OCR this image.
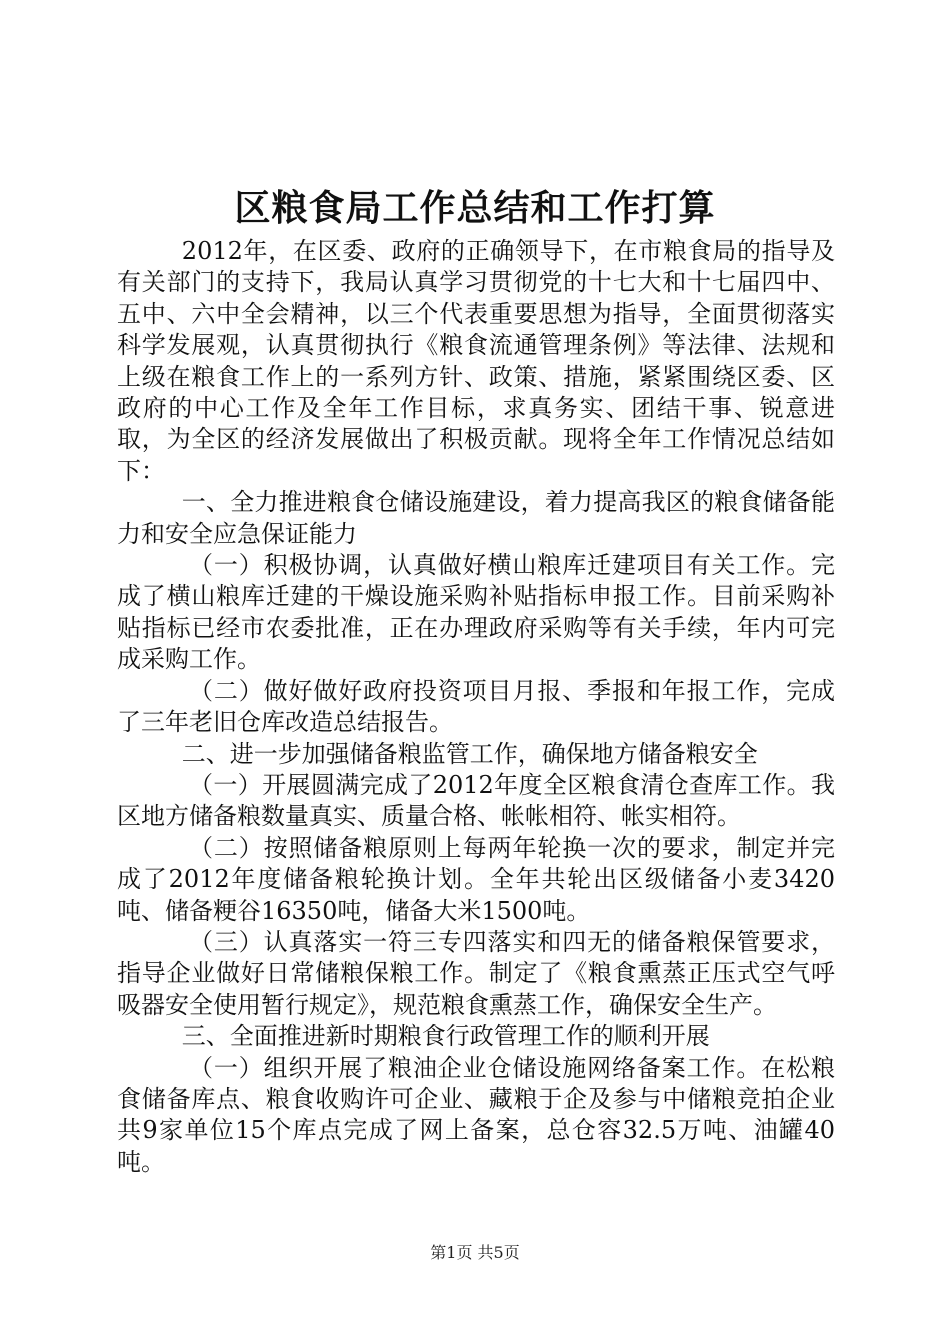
区粮食局工作总结和工作打算

2012年，在区委、政府的正确领导下，在市粮食局的指导及有关部门的支持下，我局认真学习贯彻党的十七大和十七届四中、五中、六中全会精神，以三个代表重要思想为指导，全面贯彻落实科学发展观，认真贯彻执行《粮食流通管理条例》等法律、法规和上级在粮食工作上的一系列方针、政策、措施，紧紧围绕区委、区政府的中心工作及全年工作目标，求真务实、团结干事、锐意进取，为全区的经济发展做出了积极贡献。现将全年工作情况总结如下：

一、全力推进粮食仓储设施建设，着力提高我区的粮食储备能力和安全应急保证能力

（一）积极协调，认真做好横山粮库迁建项目有关工作。完成了横山粮库迁建的干燥设施采购补贴指标申报工作。目前采购补贴指标已经市农委批准，正在办理政府采购等有关手续，年内可完成采购工作。

（二）做好做好政府投资项目月报、季报和年报工作，完成了三年老旧仓库改造总结报告。

二、进一步加强储备粮监管工作，确保地方储备粮安全

（一）开展圆满完成了2012年度全区粮食清仓查库工作。我区地方储备粮数量真实、质量合格、帐帐相符、帐实相符。

（二）按照储备粮原则上每两年轮换一次的要求，制定并完成了2012年度储备粮轮换计划。全年共轮出区级储备小麦3420吨、储备粳谷16350吨，储备大米1500吨。

（三）认真落实一符三专四落实和四无的储备粮保管要求，指导企业做好日常储粮保粮工作。制定了《粮食熏蒸正压式空气呼吸器安全使用暂行规定》，规范粮食熏蒸工作，确保安全生产。

三、全面推进新时期粮食行政管理工作的顺利开展

（一）组织开展了粮油企业仓储设施网络备案工作。在松粮食储备库点、粮食收购许可企业、藏粮于企及参与中储粮竞拍企业共9家单位15个库点完成了网上备案，总仓容32.5万吨、油罐40吨。

第1页 共5页
